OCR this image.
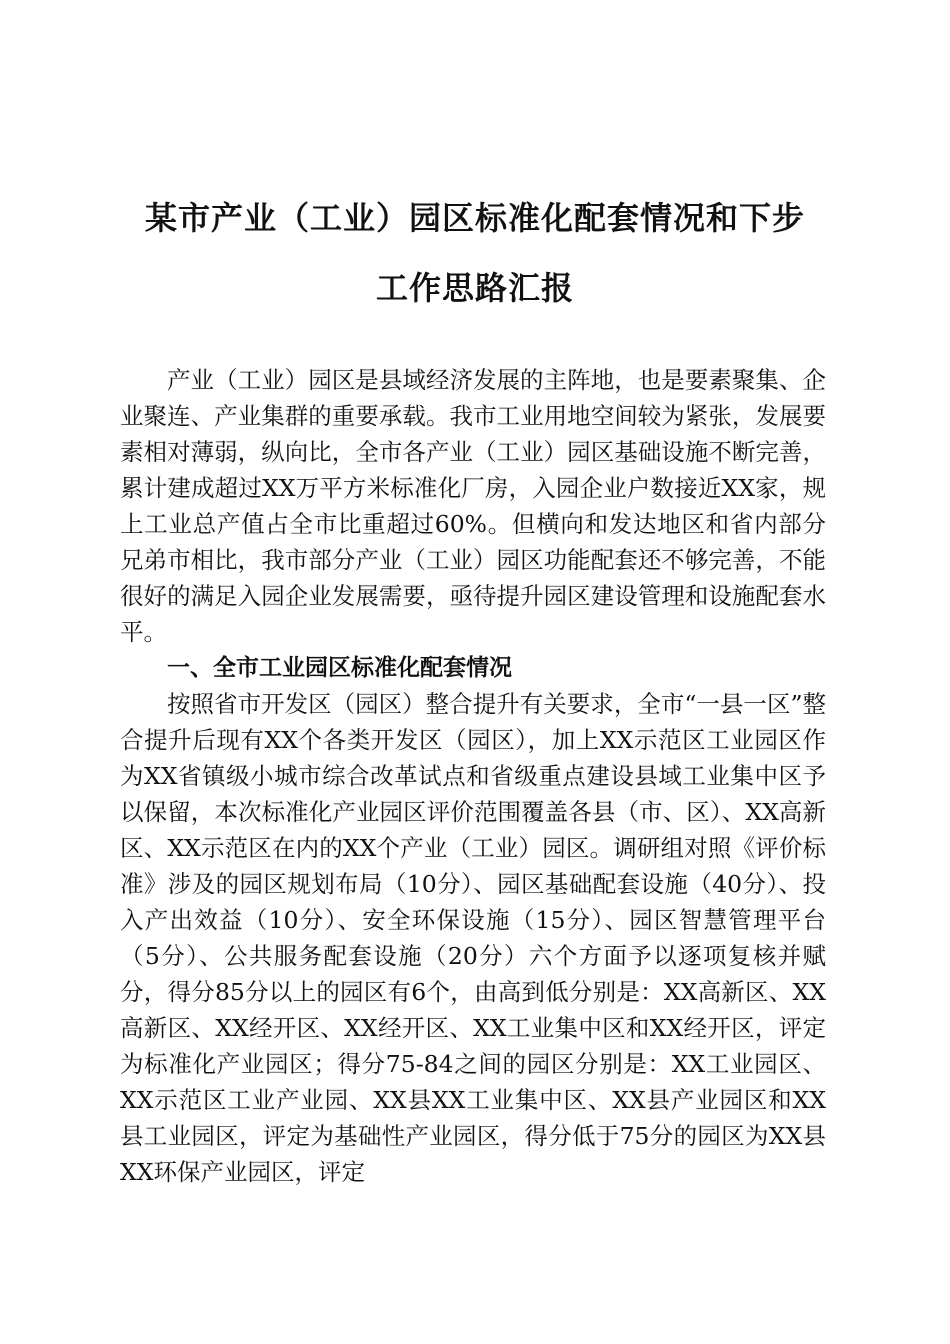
某市产业（工业）园区标准化配套情况和下步
工作思路汇报

产业（工业）园区是县域经济发展的主阵地，也是要素聚集、企业聚连、产业集群的重要承载。我市工业用地空间较为紧张，发展要素相对薄弱，纵向比，全市各产业（工业）园区基础设施不断完善，累计建成超过XX万平方米标准化厂房，入园企业户数接近XX家，规上工业总产值占全市比重超过60%。但横向和发达地区和省内部分兄弟市相比，我市部分产业（工业）园区功能配套还不够完善，不能很好的满足入园企业发展需要，亟待提升园区建设管理和设施配套水平。

一、全市工业园区标准化配套情况

按照省市开发区（园区）整合提升有关要求，全市“一县一区”整合提升后现有XX个各类开发区（园区），加上XX示范区工业园区作为XX省镇级小城市综合改革试点和省级重点建设县域工业集中区予以保留，本次标准化产业园区评价范围覆盖各县（市、区）、XX高新区、XX示范区在内的XX个产业（工业）园区。调研组对照《评价标准》涉及的园区规划布局（10分）、园区基础配套设施（40分）、投入产出效益（10分）、安全环保设施（15分）、园区智慧管理平台（5分）、公共服务配套设施（20分）六个方面予以逐项复核并赋分，得分85分以上的园区有6个，由高到低分别是：XX高新区、XX高新区、XX经开区、XX经开区、XX工业集中区和XX经开区，评定为标准化产业园区；得分75-84之间的园区分别是：XX工业园区、XX示范区工业产业园、XX县XX工业集中区、XX县产业园区和XX县工业园区，评定为基础性产业园区，得分低于75分的园区为XX县XX环保产业园区，评定
